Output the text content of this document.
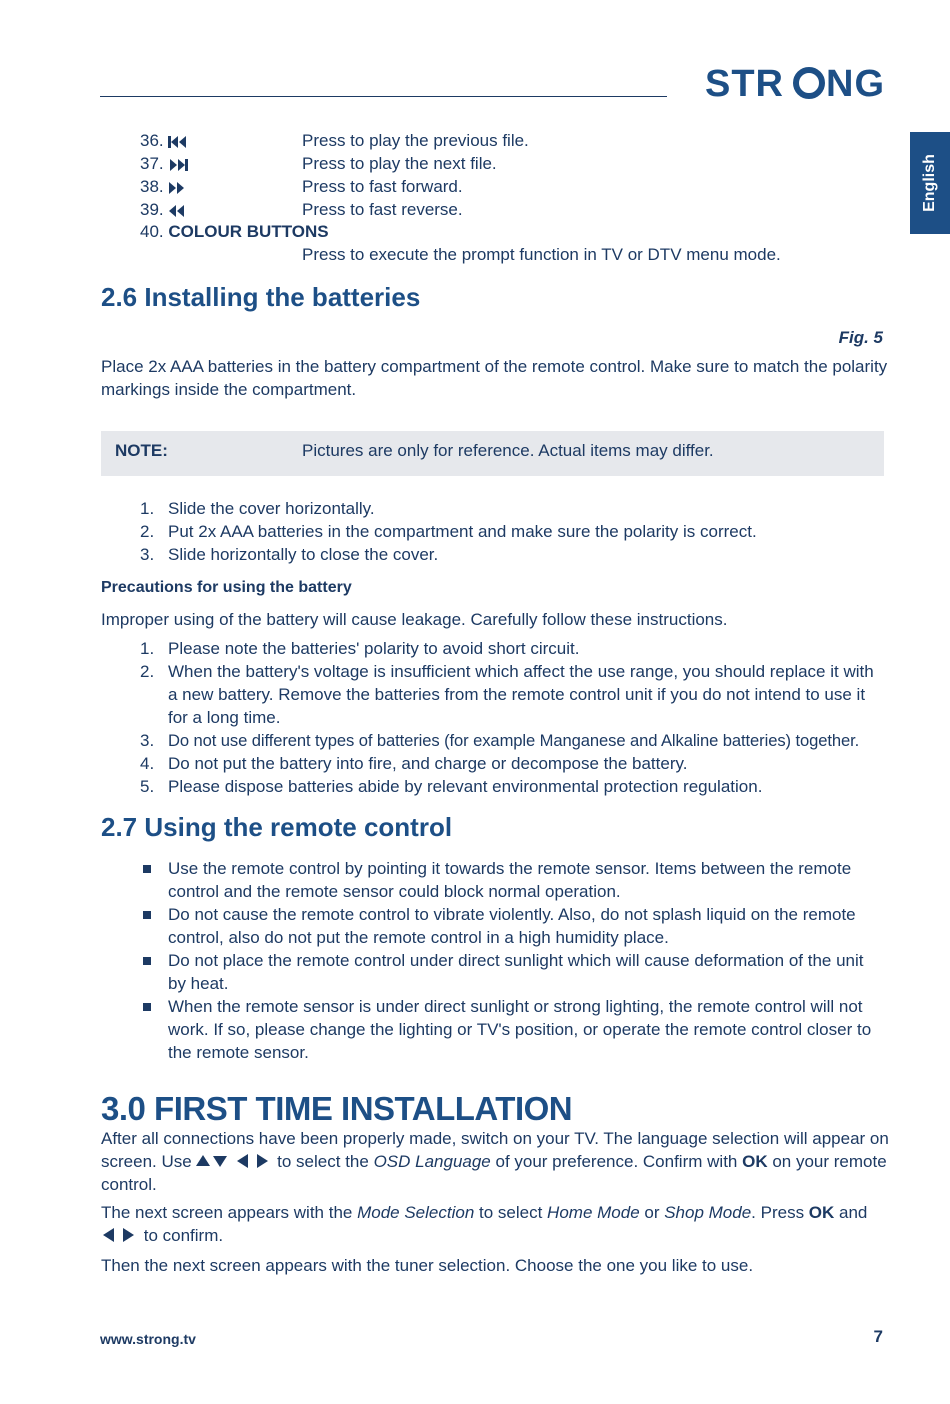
STR NG
English
36.	Press to play the previous file.
37.	Press to play the next file.
38.	Press to fast forward.
39.	Press to fast reverse.
40. COLOUR BUTTONS
Press to execute the prompt function in TV or DTV menu mode.
2.6 Installing the batteries
Fig. 5
Place 2x AAA batteries in the battery compartment of the remote control. Make sure to match the polarity markings inside the compartment.
NOTE:	Pictures are only for reference. Actual items may differ.
1. Slide the cover horizontally.
2. Put 2x AAA batteries in the compartment and make sure the polarity is correct.
3. Slide horizontally to close the cover.
Precautions for using the battery
Improper using of the battery will cause leakage. Carefully follow these instructions.
1. Please note the batteries' polarity to avoid short circuit.
2. When the battery's voltage is insufficient which affect the use range, you should replace it with a new battery. Remove the batteries from the remote control unit if you do not intend to use it for a long time.
3. Do not use different types of batteries (for example Manganese and Alkaline batteries) together.
4. Do not put the battery into fire, and charge or decompose the battery.
5. Please dispose batteries abide by relevant environmental protection regulation.
2.7 Using the remote control
Use the remote control by pointing it towards the remote sensor. Items between the remote control and the remote sensor could block normal operation.
Do not cause the remote control to vibrate violently. Also, do not splash liquid on the remote control, also do not put the remote control in a high humidity place.
Do not place the remote control under direct sunlight which will cause deformation of the unit by heat.
When the remote sensor is under direct sunlight or strong lighting, the remote control will not work. If so, please change the lighting or TV's position, or operate the remote control closer to the remote sensor.
3.0 FIRST TIME INSTALLATION
After all connections have been properly made, switch on your TV. The language selection will appear on screen. Use	to select the OSD Language of your preference. Confirm with OK on your remote control.
The next screen appears with the Mode Selection to select Home Mode or Shop Mode. Press OK and  to confirm.
Then the next screen appears with the tuner selection. Choose the one you like to use.
www.strong.tv	7
